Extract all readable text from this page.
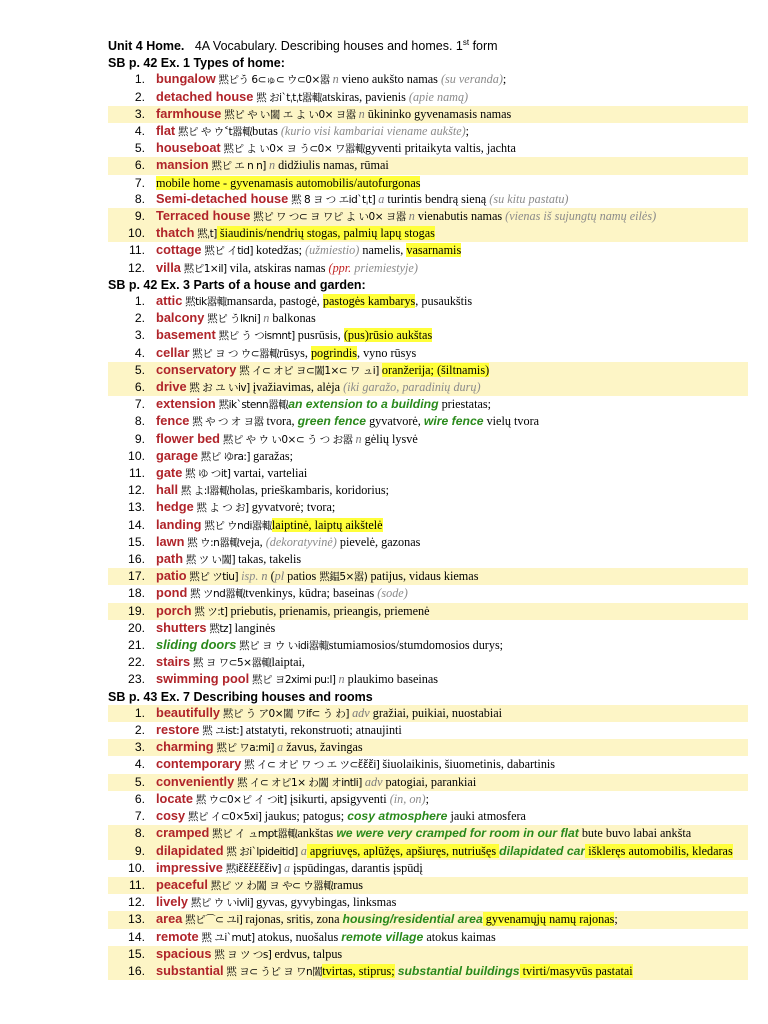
Unit 4 Home. 4A Vocabulary. Describing houses and homes. 1st form
SB p. 42 Ex. 1 Types of home:
1. bungalow 黙ピう 6⊂ゅ⊂ ウ⊂0×嚣 n vieno aukšto namas (su veranda);
2. detached house 黙 おiˋtˌtˌt嚣輙atskiras, pavienis (apie namą)
3. farmhouse 黙ピ や い闔 エ よ い0× ヨ嚣 n ūkininko gyvenamasis namas
4. flat 黙ピ や ウ˂t嚣輙butas (kurio visi kambariai viename aukšte);
5. houseboat 黙ピ よ い0× ヨ う⊂0× ワ嚣輙gyventi pritaikyta valtis, jachta
6. mansion 黙ピ エ n n] n didžiulis namas, rūmai
7. mobile home - gyvenamasis automobilis/autofurgonas
8. Semi-detached house 黙 8 ヨ つ エidˋtˌt] a turintis bendrą sieną (su kitu pastatu)
9. Terraced house 黙ピ ワ つ⊂ ヨ ワピ よ い0× ヨ嚣 n vienabutis namas (vienas iš sujungtų namų eilės)
10. thatch 黙﻿ˌt] šiaudinis/nendrių stogas, palmių lapų stogas
11. cottage 黙ピ イ﻿tid﻿] kotedžas; (užmiestio) namelis, vasarnamis
12. villa 黙ピ1×il﻿] vila, atskiras namas (ppr. priemiestyje)
SB p. 42 Ex. 3 Parts of a house and garden:
1. attic 黙﻿tik嚣輙mansarda, pastogė, pastogės kambarys, pusaukštis
2. balcony 黙ピ う﻿lk﻿ni] n balkonas
3. basement 黙ピ う つism﻿nt] pusrūsis, (pus)rūsio aukštas
4. cellar 黙ピ ヨ つ ウ⊂嚣輙rūsys, pogrindis, vyno rūsys
5. conservatory 黙 イ⊂ オピ ヨ⊂闔1×⊂ ワ ュi] oranžerija; (šiltnamis)
6. drive 黙 お ユ いiv] įvažiavimas, alėja (iki garažo, paradinių durų)
7. extension 黙ik`sten﻿n嚣輙an extension to a building priestatas;
8. fence 黙 や つ オ ヨ嚣 tvora, green fence gyvatvorė, wire fence vielų tvora
9. flower bed 黙ピ や ウ い0×⊂ う つ お嚣 n gėlių lysvė
10. garage 黙ピ ゆ﻿ra:﻿] garažas;
11. gate 黙 ゆ つit] vartai, varteliai
12. hall 黙 よ﻿:l嚣輙holas, prieškambaris, koridorius;
13. hedge 黙 よ つ お﻿] gyvatvorė; tvora;
14. landing 黙ピ ウ﻿ndi嚣輙laiptinė, laiptų aikštelė
15. lawn 黙 ウ﻿:n嚣輙veja, (dekoratyvinė) pievelė, gazonas
16. path 黙 ツ い闔] takas, takelis
17. patio 黙ピ ツ﻿ti﻿u] isp. n (pl patios 黙鎾5×嚣) patijus, vidaus kiemas
18. pond 黙 ツ﻿nd嚣輙tvenkinys, kūdra; baseinas (sode)
19. porch 黙 ツ﻿:t﻿] priebutis, prienamis, prieangis, priemenė
20. shutters 黙﻿t﻿z] langinės
21. sliding doors 黙ピ ヨ ウ いidi嚣輙stumiamosios/stumdomosios durys;
22. stairs 黙 ヨ ワ⊂5×嚣輙laiptai,
23. swimming pool 黙ピ ヨ2ximi﻿ pu:l] n plaukimo baseinas
SB p. 43 Ex. 7 Describing houses and rooms
1. beautifully 黙ピ う ア0×闔 ワif⊂ う わ] adv gražiai, puikiai, nuostabiai
2. restore 黙 ユist﻿:] atstatyti, rekonstruoti; atnaujinti
3. charming 黙ピ ワ﻿a:mi﻿] a žavus, žavingas
4. contemporary 黙 イ⊂ オピ ワ つ エ ツ⊂ἔἔἔi] šiuolaikinis, šiuometinis, dabartinis
5. conveniently 黙 イ⊂ オピ1× わ闔 オi﻿ntli] adv patogiai, parankiai
6. locate 黙 ウ⊂0×ピ イ つit] įsikurti, apsigyventi (in, on);
7. cosy 黙ピ イ⊂0×5xi] jaukus; patogus; cosy atmosphere jauki atmosfera
8. cramped 黙ピ イ ュ﻿mpt嚣輙ankštas we were very cramped for room in our flat bute buvo labai ankšta
9. dilapidated 黙 おiˋl﻿pideitid] a apgriuvęs, aplūžęs, apšiuręs, nutriušęs dilapidated car iškleręs automobilis, kledaras
10. impressive 黙iἔἔἔἔἔἔiv] a įspūdingas, darantis įspūdį
11. peaceful 黙ピ ツ わ闔 ヨ や⊂ ウ嚣輙ramus
12. lively 黙ピ ウ いivli] gyvas, gyvybingas, linksmas
13. area 黙ピ⌒⊂ ユi] rajonas, sritis, zona housing/residential area gyvenamųjų namų rajonas;
14. remote 黙 ユiˋm﻿ut] atokus, nuošalus remote village atokus kaimas
15. spacious 黙 ヨ ツ つ﻿s] erdvus, talpus
16. substantial 黙 ヨ⊂ うピ ヨ ワ﻿n闔﻿tvirtas, stiprus; substantial buildings tvirti/masyvūs pastatai
